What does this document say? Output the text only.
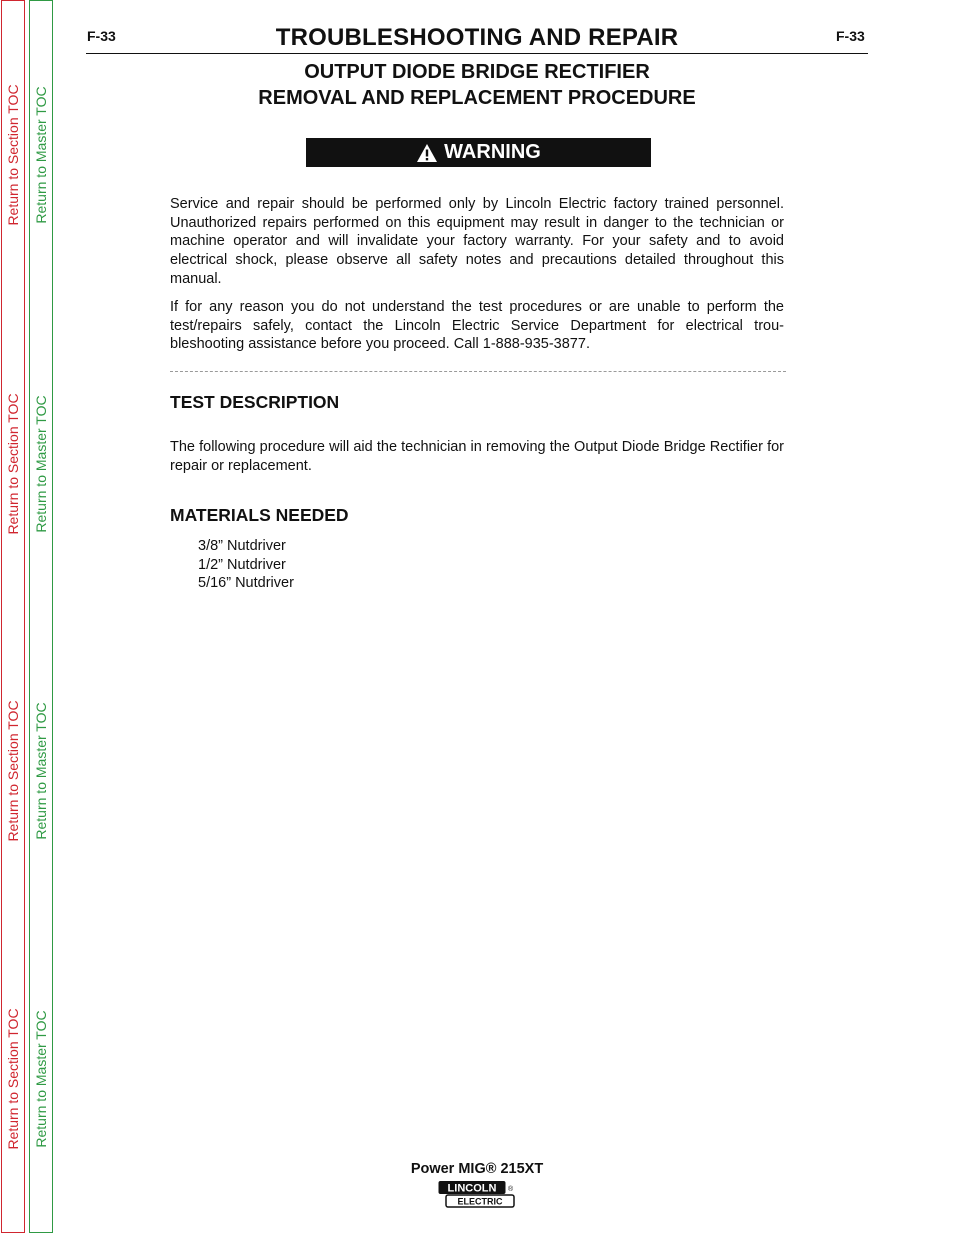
Return to Section TOC
Return to Section TOC
Return to Section TOC
Return to Section TOC
Return to Master TOC
Return to Master TOC
Return to Master TOC
Return to Master TOC
F-33	F-33
TROUBLESHOOTING AND REPAIR
OUTPUT DIODE BRIDGE RECTIFIER
REMOVAL AND REPLACEMENT PROCEDURE
WARNING
Service and repair should be performed only by Lincoln Electric factory trained personnel. Unauthorized repairs performed on this equipment may result in danger to the technician or machine operator and will invalidate your factory warranty. For your safety and to avoid electrical shock, please observe all safety notes and precautions detailed throughout this manual.
If for any reason you do not understand the test procedures or are unable to perform the test/repairs safely, contact the Lincoln Electric Service Department for electrical trou-bleshooting assistance before you proceed. Call 1-888-935-3877.
TEST DESCRIPTION
The following procedure will aid the technician in removing the Output Diode Bridge Rectifier for repair or replacement.
MATERIALS NEEDED
3/8” Nutdriver
1/2” Nutdriver
5/16” Nutdriver
Power MIG® 215XT
LINCOLN
ELECTRIC
®
